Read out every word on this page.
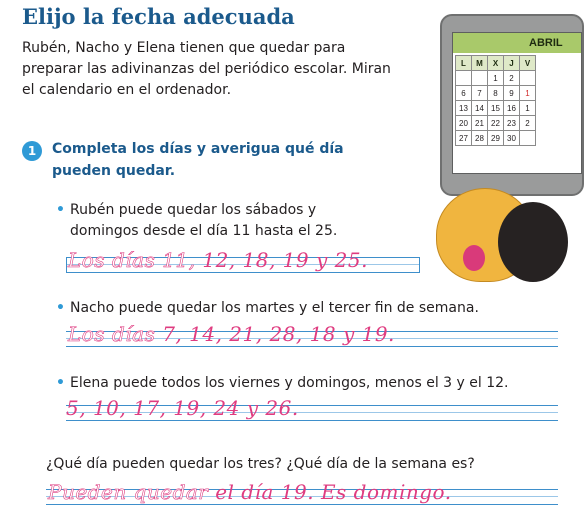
Elijo la fecha adecuada
Rubén, Nacho y Elena tienen que quedar para preparar las adivinanzas del periódico escolar. Miran el calendario en el ordenador.
1	Completa los días y averigua qué día pueden quedar.
• Rubén puede quedar los sábados y domingos desde el día 11 hasta el 25.
Los días 11, 12, 18, 19 y 25.
• Nacho puede quedar los martes y el tercer fin de semana.
Los días 7, 14, 21, 28, 18 y 19.
• Elena puede todos los viernes y domingos, menos el 3 y el 12.
5, 10, 17, 19, 24 y 26.
¿Qué día pueden quedar los tres? ¿Qué día de la semana es?
Pueden quedar el día 19. Es domingo.
ABRIL
L	M	X	J	V
		1	2	
6	7	8	9	1
13	14	15	16	1
20	21	22	23	2
27	28	29	30	
